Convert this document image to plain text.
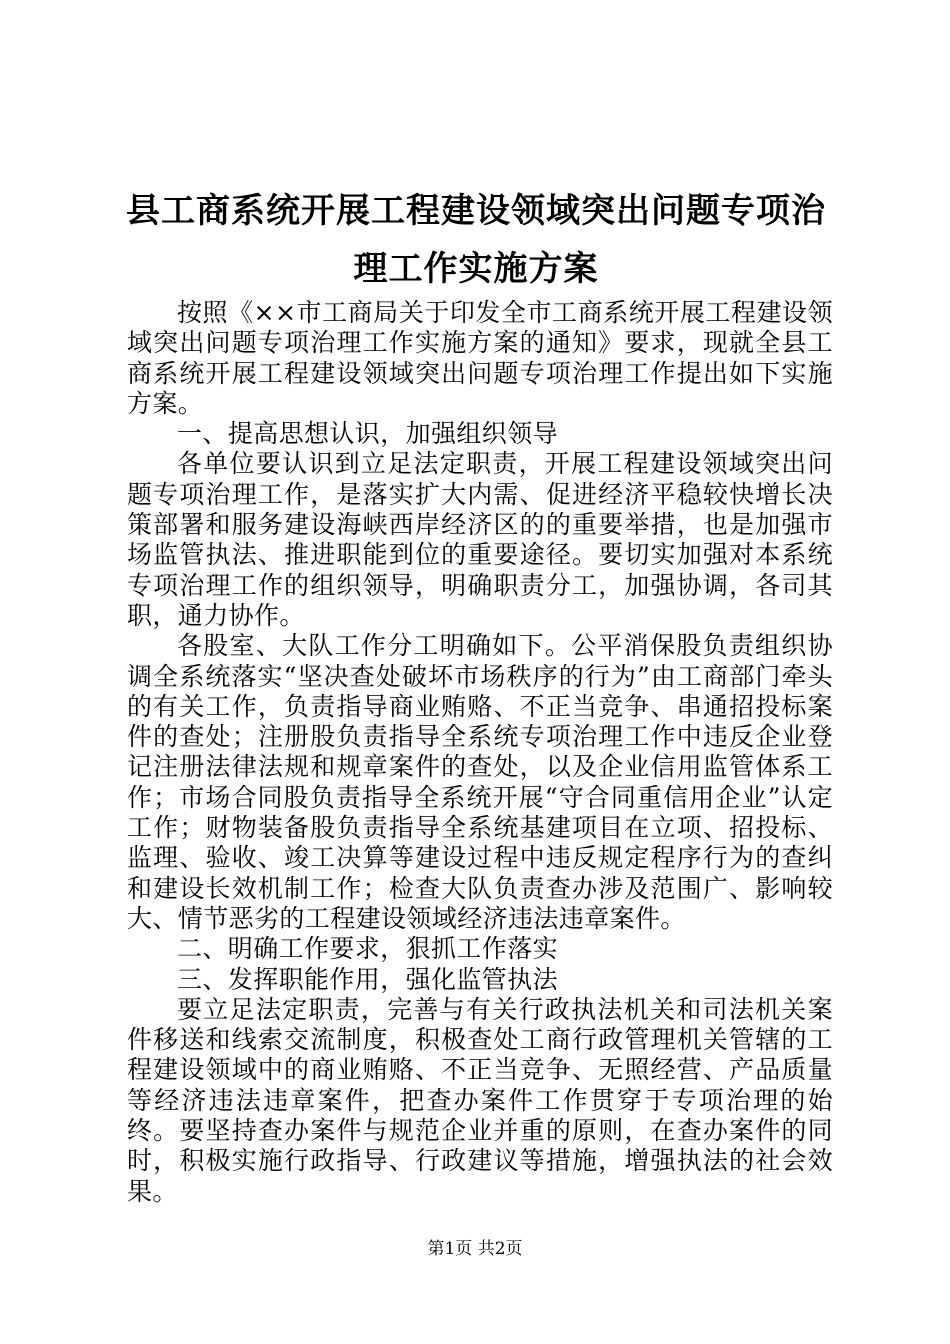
县工商系统开展工程建设领域突出问题专项治
理工作实施方案

按照《××市工商局关于印发全市工商系统开展工程建设领域突出问题专项治理工作实施方案的通知》要求，现就全县工商系统开展工程建设领域突出问题专项治理工作提出如下实施方案。

一、提高思想认识，加强组织领导

各单位要认识到立足法定职责，开展工程建设领域突出问题专项治理工作，是落实扩大内需、促进经济平稳较快增长决策部署和服务建设海峡西岸经济区的的重要举措，也是加强市场监管执法、推进职能到位的重要途径。要切实加强对本系统专项治理工作的组织领导，明确职责分工，加强协调，各司其职，通力协作。

各股室、大队工作分工明确如下。公平消保股负责组织协调全系统落实“坚决查处破坏市场秩序的行为”由工商部门牵头的有关工作，负责指导商业贿赂、不正当竞争、串通招投标案件的查处；注册股负责指导全系统专项治理工作中违反企业登记注册法律法规和规章案件的查处，以及企业信用监管体系工作；市场合同股负责指导全系统开展“守合同重信用企业”认定工作；财物装备股负责指导全系统基建项目在立项、招投标、监理、验收、竣工决算等建设过程中违反规定程序行为的查纠和建设长效机制工作；检查大队负责查办涉及范围广、影响较大、情节恶劣的工程建设领域经济违法违章案件。

二、明确工作要求，狠抓工作落实

三、发挥职能作用，强化监管执法

要立足法定职责，完善与有关行政执法机关和司法机关案件移送和线索交流制度，积极查处工商行政管理机关管辖的工程建设领域中的商业贿赂、不正当竞争、无照经营、产品质量等经济违法违章案件，把查办案件工作贯穿于专项治理的始终。要坚持查办案件与规范企业并重的原则，在查办案件的同时，积极实施行政指导、行政建议等措施，增强执法的社会效果。

第1页 共2页
